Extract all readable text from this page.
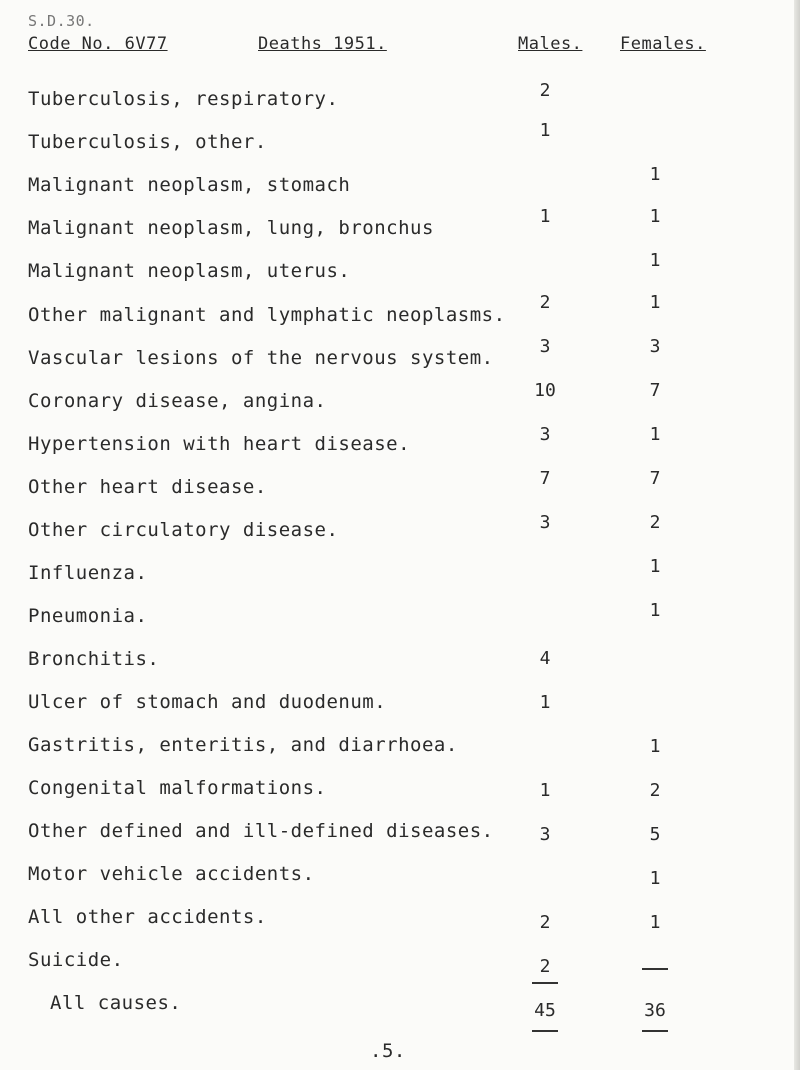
S.D.30.
Code No. 6V77	Deaths 1951.	Males. Females.
Tuberculosis, respiratory.
Tuberculosis, other.
Malignant neoplasm, stomach
Malignant neoplasm, lung, bronchus
Malignant neoplasm, uterus.
Other malignant and lymphatic neoplasms.
Vascular lesions of the nervous system.
Coronary disease, angina.
Hypertension with heart disease.
Other heart disease.
Other circulatory disease.
Influenza.
Pneumonia.
Bronchitis.
Ulcer of stomach and duodenum.
Gastritis, enteritis, and diarrhoea.
Congenital malformations.
Other defined and ill-defined diseases.
Motor vehicle accidents.
All other accidents.
Suicide.
All causes.
2
1
1
2
3
10
3
7
3
4
1
1
3
2
2
45
1
1
1
1
3
7
1
7
2
1
1
1
2
5
1
1
36
.5.
